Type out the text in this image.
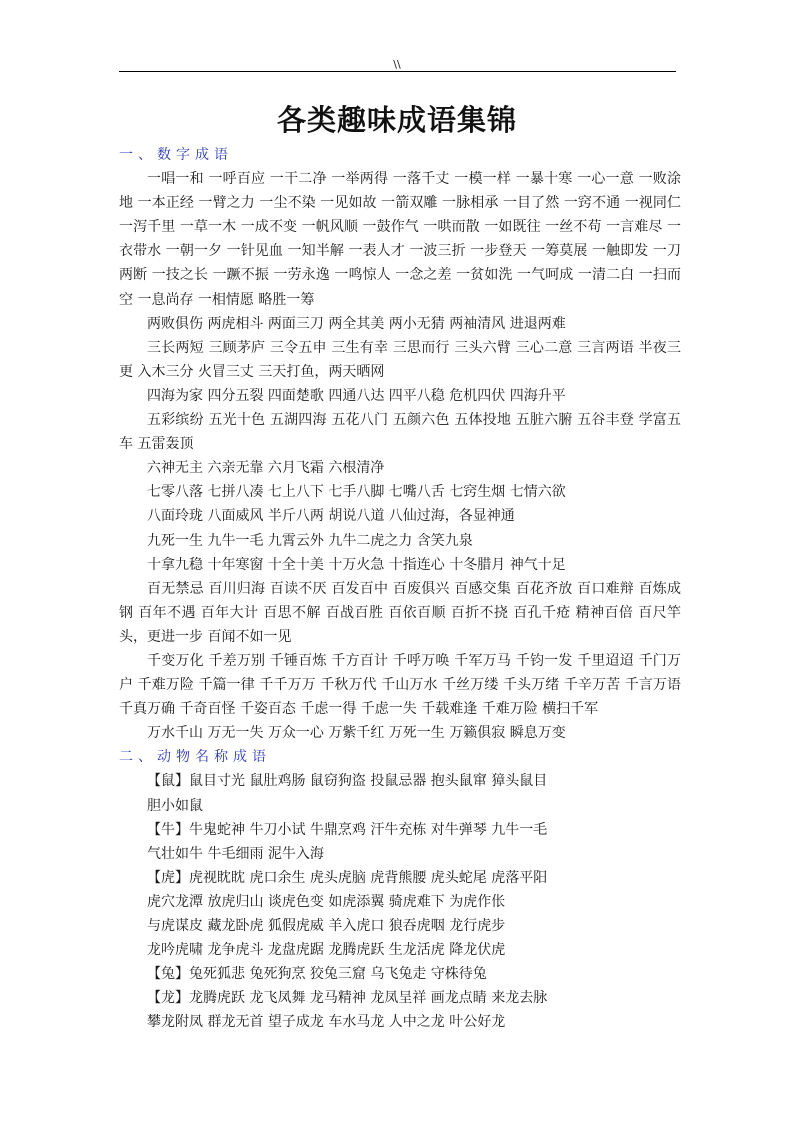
\\
各类趣味成语集锦
一、数字成语

一唱一和 一呼百应 一干二净 一举两得 一落千丈 一模一样 一暴十寒 一心一意 一败涂地 一本正经 一臂之力 一尘不染 一见如故 一箭双雕 一脉相承 一目了然 一窍不通 一视同仁 一泻千里 一草一木 一成不变 一帆风顺 一鼓作气 一哄而散 一如既往 一丝不苟 一言难尽 一衣带水 一朝一夕 一针见血 一知半解 一表人才 一波三折 一步登天 一筹莫展 一触即发 一刀两断 一技之长 一蹶不振 一劳永逸 一鸣惊人 一念之差 一贫如洗 一气呵成 一清二白 一扫而空 一息尚存 一相情愿 略胜一筹

两败俱伤 两虎相斗 两面三刀 两全其美 两小无猜 两袖清风 进退两难

三长两短 三顾茅庐 三令五申 三生有幸 三思而行 三头六臂 三心二意 三言两语 半夜三更 入木三分 火冒三丈 三天打鱼，两天晒网

四海为家 四分五裂 四面楚歌 四通八达 四平八稳 危机四伏 四海升平

五彩缤纷 五光十色 五湖四海 五花八门 五颜六色 五体投地 五脏六腑 五谷丰登 学富五车 五雷轰顶

六神无主 六亲无靠 六月飞霜 六根清净

七零八落 七拼八凑 七上八下 七手八脚 七嘴八舌 七窍生烟 七情六欲

八面玲珑 八面威风 半斤八两 胡说八道 八仙过海，各显神通

九死一生 九牛一毛 九霄云外 九牛二虎之力 含笑九泉

十拿九稳 十年寒窗 十全十美 十万火急 十指连心 十冬腊月 神气十足

百无禁忌 百川归海 百读不厌 百发百中 百废俱兴 百感交集 百花齐放 百口难辩 百炼成钢 百年不遇 百年大计 百思不解 百战百胜 百依百顺 百折不挠 百孔千疮 精神百倍 百尺竿头，更进一步 百闻不如一见

千变万化 千差万别 千锤百炼 千方百计 千呼万唤 千军万马 千钧一发 千里迢迢 千门万户 千难万险 千篇一律 千千万万 千秋万代 千山万水 千丝万缕 千头万绪 千辛万苦 千言万语 千真万确 千奇百怪 千姿百态 千虑一得 千虑一失 千载难逢 千难万险 横扫千军

万水千山 万无一失 万众一心 万紫千红 万死一生 万籁俱寂 瞬息万变

二、动物名称成语

【鼠】鼠目寸光 鼠肚鸡肠 鼠窃狗盗 投鼠忌器 抱头鼠窜 獐头鼠目

胆小如鼠

【牛】牛鬼蛇神 牛刀小试 牛鼎烹鸡 汗牛充栋 对牛弹琴 九牛一毛

气壮如牛 牛毛细雨 泥牛入海

【虎】虎视眈眈 虎口余生 虎头虎脑 虎背熊腰 虎头蛇尾 虎落平阳

虎穴龙潭 放虎归山 谈虎色变 如虎添翼 骑虎难下 为虎作伥

与虎谋皮 藏龙卧虎 狐假虎威 羊入虎口 狼吞虎咽 龙行虎步

龙吟虎啸 龙争虎斗 龙盘虎踞 龙腾虎跃 生龙活虎 降龙伏虎

【兔】兔死狐悲 兔死狗烹 狡兔三窟 乌飞兔走 守株待兔

【龙】龙腾虎跃 龙飞凤舞 龙马精神 龙凤呈祥 画龙点睛 来龙去脉

攀龙附凤 群龙无首 望子成龙 车水马龙 人中之龙 叶公好龙
